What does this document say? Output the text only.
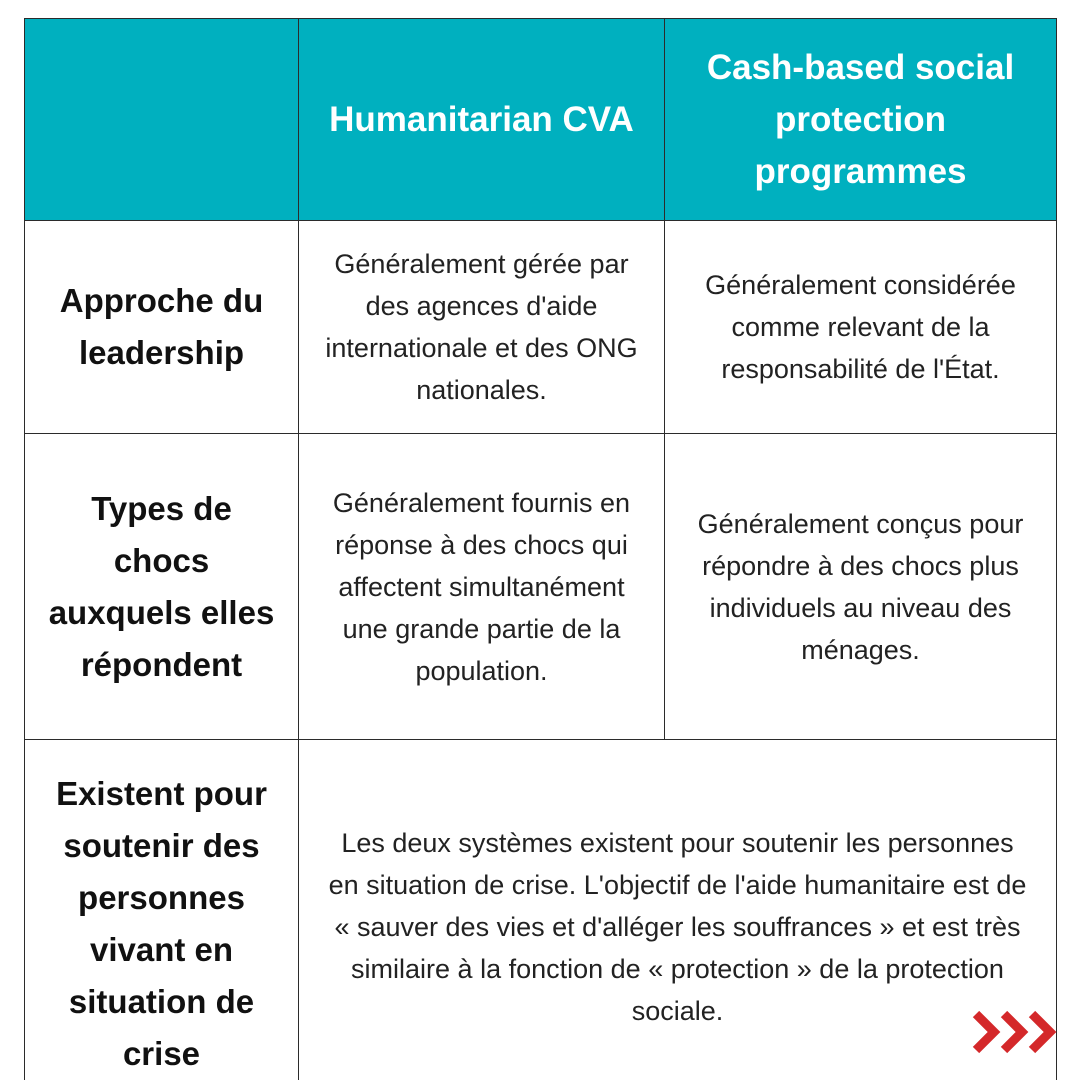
	Humanitarian CVA	Cash-based social protection programmes
Approche du leadership	Généralement gérée par des agences d'aide internationale et des ONG nationales.	Généralement considérée comme relevant de la responsabilité de l'État.
Types de chocs auxquels elles répondent	Généralement fournis en réponse à des chocs qui affectent simultanément une grande partie de la population.	Généralement conçus pour répondre à des chocs plus individuels au niveau des ménages.
Existent pour soutenir des personnes vivant en situation de crise	Les deux systèmes existent pour soutenir les personnes en situation de crise. L'objectif de l'aide humanitaire est de « sauver des vies et d'alléger les souffrances » et est très similaire à la fonction de « protection » de la protection sociale.	
